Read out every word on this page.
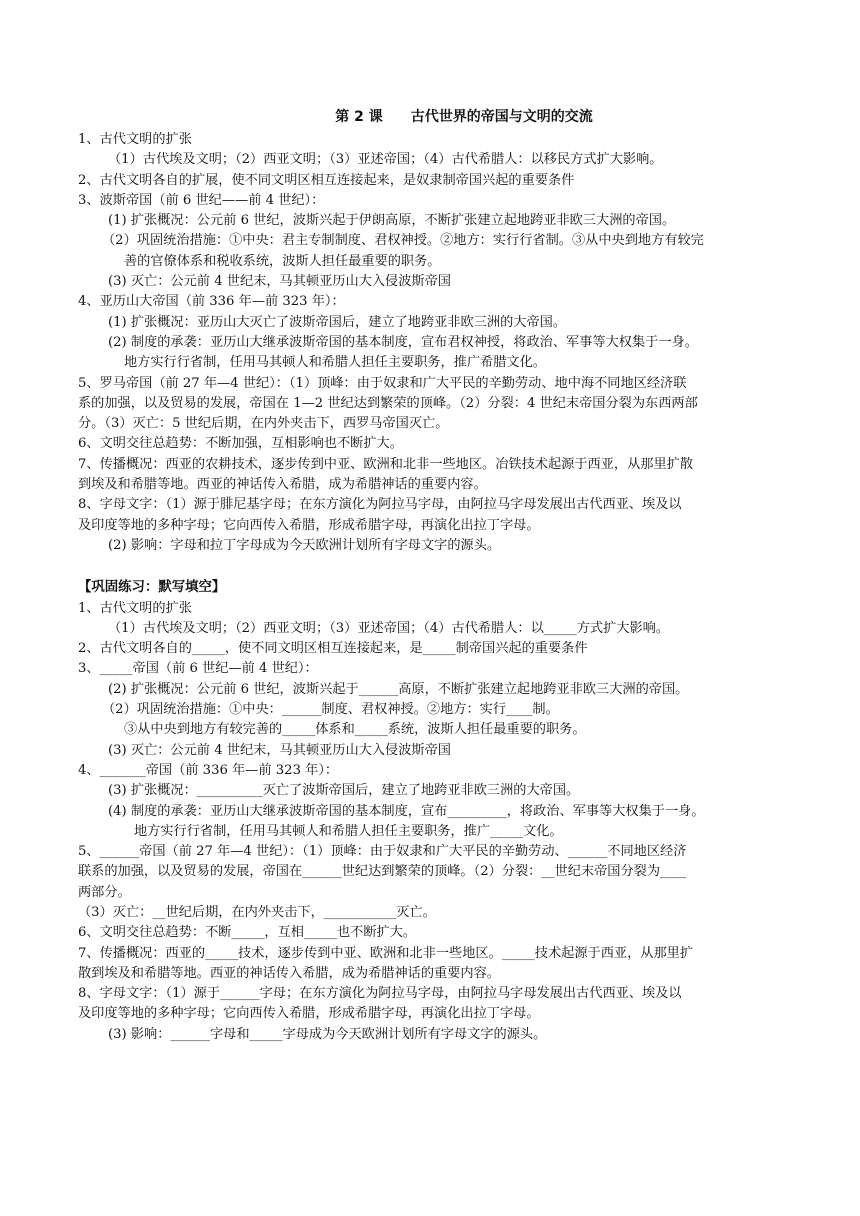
第 2 课　　古代世界的帝国与文明的交流
1、古代文明的扩张
（1）古代埃及文明；（2）西亚文明；（3）亚述帝国；（4）古代希腊人：以移民方式扩大影响。
2、古代文明各自的扩展，使不同文明区相互连接起来，是奴隶制帝国兴起的重要条件
3、波斯帝国（前 6 世纪——前 4 世纪）：
(1) 扩张概况：公元前 6 世纪，波斯兴起于伊朗高原，不断扩张建立起地跨亚非欧三大洲的帝国。
（2）巩固统治措施：①中央：君主专制制度、君权神授。②地方：实行行省制。③从中央到地方有较完
善的官僚体系和税收系统，波斯人担任最重要的职务。
(3) 灭亡：公元前 4 世纪末，马其顿亚历山大入侵波斯帝国
4、亚历山大帝国（前 336 年—前 323 年）：
(1) 扩张概况：亚历山大灭亡了波斯帝国后，建立了地跨亚非欧三洲的大帝国。
(2) 制度的承袭：亚历山大继承波斯帝国的基本制度，宣布君权神授，将政治、军事等大权集于一身。
地方实行行省制，任用马其顿人和希腊人担任主要职务，推广希腊文化。
5、罗马帝国（前 27 年—4 世纪）：（1）顶峰：由于奴隶和广大平民的辛勤劳动、地中海不同地区经济联
系的加强，以及贸易的发展，帝国在 1—2 世纪达到繁荣的顶峰。（2）分裂：4 世纪末帝国分裂为东西两部
分。（3）灭亡：5 世纪后期，在内外夹击下，西罗马帝国灭亡。
6、文明交往总趋势：不断加强，互相影响也不断扩大。
7、传播概况：西亚的农耕技术，逐步传到中亚、欧洲和北非一些地区。冶铁技术起源于西亚，从那里扩散
到埃及和希腊等地。西亚的神话传入希腊，成为希腊神话的重要内容。
8、字母文字：（1）源于腓尼基字母；在东方演化为阿拉马字母，由阿拉马字母发展出古代西亚、埃及以
及印度等地的多种字母；它向西传入希腊，形成希腊字母，再演化出拉丁字母。
(2) 影响：字母和拉丁字母成为今天欧洲计划所有字母文字的源头。
【巩固练习：默写填空】
1、古代文明的扩张
（1）古代埃及文明；（2）西亚文明；（3）亚述帝国；（4）古代希腊人：以_____方式扩大影响。
2、古代文明各自的_____，使不同文明区相互连接起来，是_____制帝国兴起的重要条件
3、_____帝国（前 6 世纪—前 4 世纪）：
(2) 扩张概况：公元前 6 世纪，波斯兴起于______高原，不断扩张建立起地跨亚非欧三大洲的帝国。
（2）巩固统治措施：①中央：______制度、君权神授。②地方：实行____制。
③从中央到地方有较完善的_____体系和_____系统，波斯人担任最重要的职务。
(3) 灭亡：公元前 4 世纪末，马其顿亚历山大入侵波斯帝国
4、_______帝国（前 336 年—前 323 年）：
(3) 扩张概况：__________灭亡了波斯帝国后，建立了地跨亚非欧三洲的大帝国。
(4) 制度的承袭：亚历山大继承波斯帝国的基本制度，宣布_________，将政治、军事等大权集于一身。
地方实行行省制，任用马其顿人和希腊人担任主要职务，推广_____文化。
5、______帝国（前 27 年—4 世纪）：（1）顶峰：由于奴隶和广大平民的辛勤劳动、______不同地区经济
联系的加强，以及贸易的发展，帝国在______世纪达到繁荣的顶峰。（2）分裂：__世纪末帝国分裂为____
两部分。
（3）灭亡：__世纪后期，在内外夹击下，___________灭亡。
6、文明交往总趋势：不断_____，互相_____也不断扩大。
7、传播概况：西亚的_____技术，逐步传到中亚、欧洲和北非一些地区。_____技术起源于西亚，从那里扩
散到埃及和希腊等地。西亚的神话传入希腊，成为希腊神话的重要内容。
8、字母文字：（1）源于______字母；在东方演化为阿拉马字母，由阿拉马字母发展出古代西亚、埃及以
及印度等地的多种字母；它向西传入希腊，形成希腊字母，再演化出拉丁字母。
(3) 影响：______字母和_____字母成为今天欧洲计划所有字母文字的源头。
